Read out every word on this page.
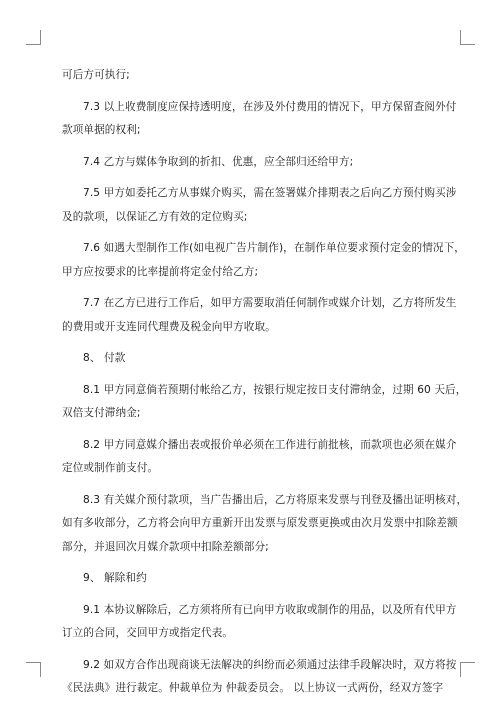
可后方可执行;
7.3 以上收费制度应保持透明度，在涉及外付费用的情况下，甲方保留查阅外付
款项单据的权利;
7.4 乙方与媒体争取到的折扣、优惠，应全部归还给甲方;
7.5 甲方如委托乙方从事媒介购买，需在签署媒介排期表之后向乙方预付购买涉
及的款项，以保证乙方有效的定位购买;
7.6 如遇大型制作工作(如电视广告片制作)，在制作单位要求预付定金的情况下，
甲方应按要求的比率提前将定金付给乙方;
7.7 在乙方已进行工作后，如甲方需要取消任何制作或媒介计划，乙方将所发生
的费用或开支连同代理费及税金向甲方收取。
8、 付款
8.1 甲方同意倘若预期付帐给乙方，按银行规定按日支付滞纳金，过期 60 天后，
双倍支付滞纳金;
8.2 甲方同意媒介播出表或报价单必须在工作进行前批核，而款项也必须在媒介
定位或制作前支付。
8.3 有关媒介预付款项，当广告播出后，乙方将原来发票与刊登及播出证明核对，
如有多收部分，乙方将会向甲方重新开出发票与原发票更换或由次月发票中扣除差额
部分，并退回次月媒介款项中扣除差额部分;
9、 解除和约
9.1 本协议解除后，乙方须将所有已向甲方收取或制作的用品，以及所有代甲方
订立的合同，交回甲方或指定代表。
9.2 如双方合作出现商谈无法解决的纠纷而必须通过法律手段解决时，双方将按
《民法典》进行裁定。仲裁单位为 仲裁委员会。 以上协议一式两份，经双方签字
